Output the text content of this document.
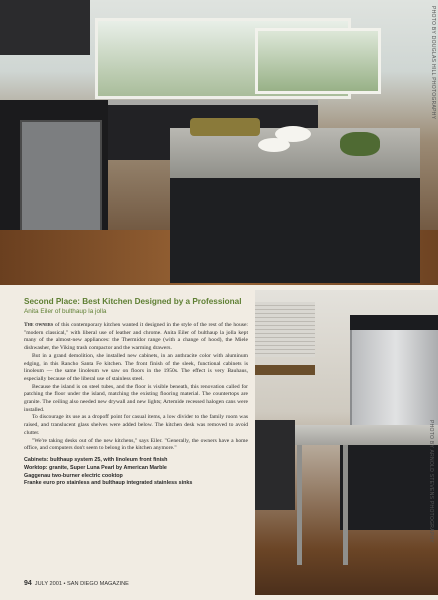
PHOTO BY DOUGLAS HILL PHOTOGRAPHY
PHOTO BY ARNOLD STEVENS PHOTOGRAPHY
Second Place: Best Kitchen Designed by a Professional
Anita Eiler of bulthaup la jolla

The owners of this contemporary kitchen wanted it designed in the style of the rest of the house: "modern classical," with liberal use of leather and chrome. Anita Eiler of bulthaup la jolla kept many of the almost-new appliances: the Thermidor range (with a change of hood), the Miele dishwasher, the Viking trash compactor and the warming drawers.

But in a grand demolition, she installed new cabinets, in an anthracite color with aluminum edging, in this Rancho Santa Fe kitchen. The front finish of the sleek, functional cabinets is linoleum — the same linoleum we saw on floors in the 1950s. The effect is very Bauhaus, especially because of the liberal use of stainless steel.

Because the island is on steel tubes, and the floor is visible beneath, this renovation called for patching the floor under the island, matching the existing flooring material. The countertops are granite. The ceiling also needed new drywall and new lights; Artemide recessed halogen cans were installed.

To discourage its use as a dropoff point for casual items, a low divider to the family room was raised, and translucent glass shelves were added below. The kitchen desk was removed to avoid clutter.

"We're taking desks out of the new kitchens," says Eiler. "Generally, the owners have a home office, and computers don't seem to belong in the kitchen anymore."

Cabinets: bulthaup system 25, with linoleum front finish
Worktop: granite, Super Luna Pearl by American Marble
Gaggenau two-burner electric cooktop
Franke euro pro stainless and bulthaup integrated stainless sinks
94 JULY 2001 • SAN DIEGO MAGAZINE
